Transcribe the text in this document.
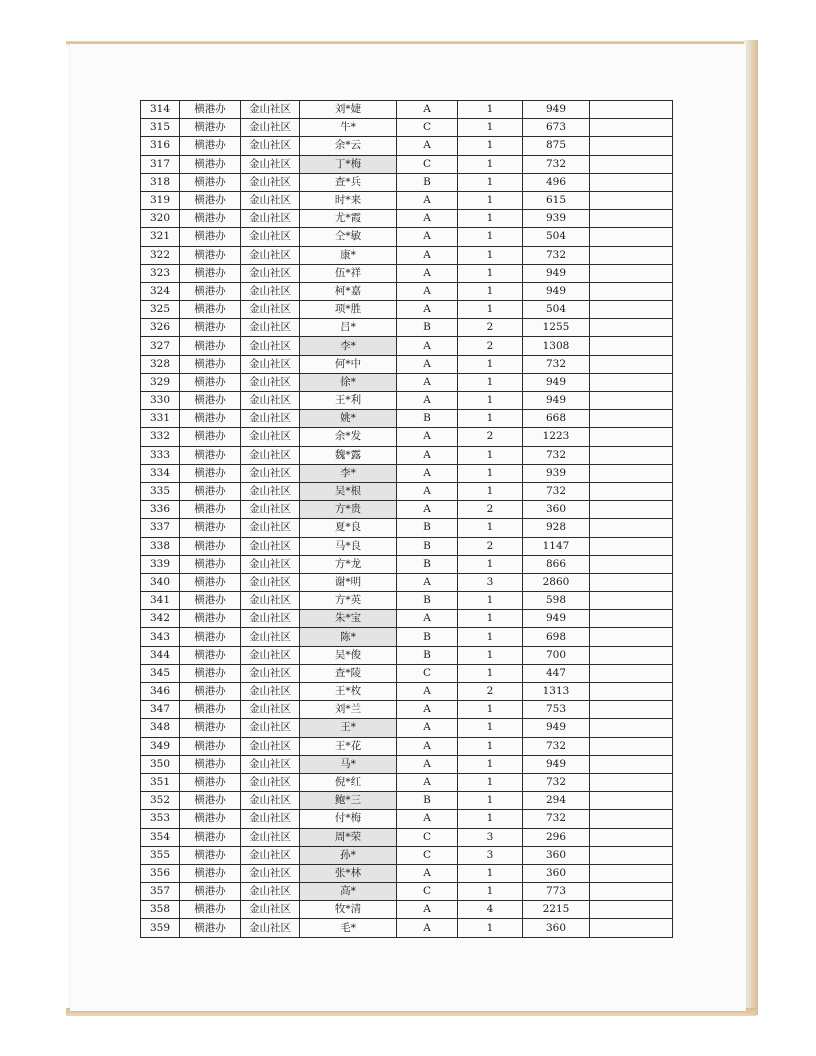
314	横港办	金山社区	刘*婕	A	1	949	
315	横港办	金山社区	牛*	C	1	673	
316	横港办	金山社区	余*云	A	1	875	
317	横港办	金山社区	丁*梅	C	1	732	
318	横港办	金山社区	查*兵	B	1	496	
319	横港办	金山社区	时*来	A	1	615	
320	横港办	金山社区	尤*霞	A	1	939	
321	横港办	金山社区	仝*敏	A	1	504	
322	横港办	金山社区	康*	A	1	732	
323	横港办	金山社区	伍*祥	A	1	949	
324	横港办	金山社区	柯*嘉	A	1	949	
325	横港办	金山社区	项*胜	A	1	504	
326	横港办	金山社区	吕*	B	2	1255	
327	横港办	金山社区	李*	A	2	1308	
328	横港办	金山社区	何*中	A	1	732	
329	横港办	金山社区	徐*	A	1	949	
330	横港办	金山社区	王*利	A	1	949	
331	横港办	金山社区	姚*	B	1	668	
332	横港办	金山社区	余*发	A	2	1223	
333	横港办	金山社区	魏*露	A	1	732	
334	横港办	金山社区	李*	A	1	939	
335	横港办	金山社区	吴*根	A	1	732	
336	横港办	金山社区	方*贵	A	2	360	
337	横港办	金山社区	夏*良	B	1	928	
338	横港办	金山社区	马*良	B	2	1147	
339	横港办	金山社区	方*龙	B	1	866	
340	横港办	金山社区	谢*明	A	3	2860	
341	横港办	金山社区	方*英	B	1	598	
342	横港办	金山社区	朱*宝	A	1	949	
343	横港办	金山社区	陈*	B	1	698	
344	横港办	金山社区	吴*俊	B	1	700	
345	横港办	金山社区	查*陵	C	1	447	
346	横港办	金山社区	王*枚	A	2	1313	
347	横港办	金山社区	刘*兰	A	1	753	
348	横港办	金山社区	王*	A	1	949	
349	横港办	金山社区	王*花	A	1	732	
350	横港办	金山社区	马*	A	1	949	
351	横港办	金山社区	倪*红	A	1	732	
352	横港办	金山社区	鲍*三	B	1	294	
353	横港办	金山社区	付*梅	A	1	732	
354	横港办	金山社区	周*荣	C	3	296	
355	横港办	金山社区	孙*	C	3	360	
356	横港办	金山社区	张*林	A	1	360	
357	横港办	金山社区	高*	C	1	773	
358	横港办	金山社区	牧*清	A	4	2215	
359	横港办	金山社区	毛*	A	1	360	
